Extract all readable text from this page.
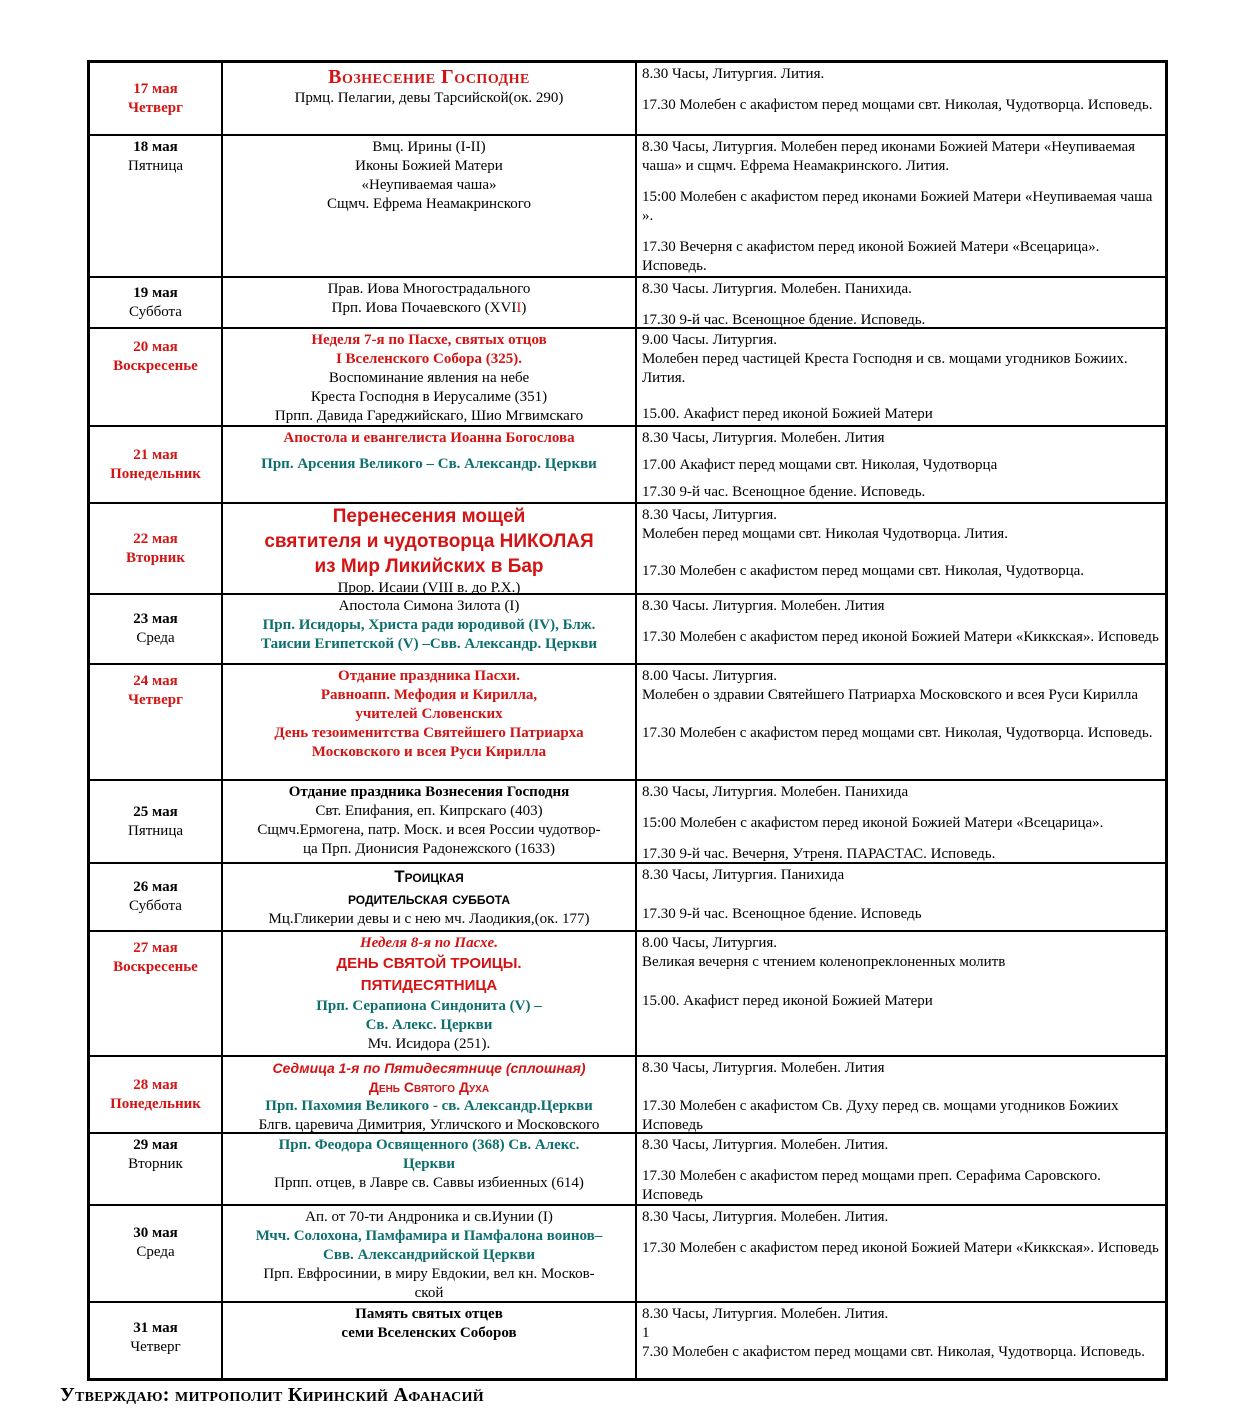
17 мая
Четверг
Вознесение Господне
Прмц. Пелагии, девы Тарсийской(ок. 290)

8.30 Часы, Литургия. Лития.

17.30 Молебен с акафистом перед мощами свт. Николая, Чудотворца. Исповедь.

18 мая
Пятница
Вмц. Ирины (I-II)
Иконы Божией Матери
«Неупиваемая чаша»
Сщмч. Ефрема Неамакринского

8.30 Часы, Литургия. Молебен перед иконами Божией Матери «Неупиваемая чаша» и сщмч. Ефрема Неамакринского. Лития.

15:00 Молебен с акафистом перед иконами Божией Матери «Неупиваемая чаша ».

17.30 Вечерня с акафистом перед иконой Божией Матери «Всецарица». Исповедь.

19 мая
Суббота
Прав. Иова Многострадального
Прп. Иова Почаевского (XVII)

8.30 Часы. Литургия. Молебен. Панихида.

17.30 9-й час. Всенощное бдение. Исповедь.

20 мая
Воскресенье
Неделя 7-я по Пасхе, святых отцов
I Вселенского Собора (325).
Воспоминание явления на небе
Креста Господня в Иерусалиме (351)
Прпп. Давида Гареджийскаго, Шио Мгвимскаго

9.00 Часы. Литургия.

Молебен перед частицей Креста Господня и св. мощами угодников Божиих. Лития.

15.00. Акафист перед иконой Божией Матери

21 мая
Понедельник
Апостола и евангелиста Иоанна Богослова
Прп. Арсения Великого – Св. Александр. Церкви

8.30 Часы, Литургия. Молебен. Лития

17.00 Акафист перед мощами свт. Николая, Чудотворца

17.30 9-й час. Всенощное бдение. Исповедь.

22 мая
Вторник
Перенесения мощей
святителя и чудотворца НИКОЛАЯ
из Мир Ликийских в Бар
Прор. Исаии (VIII в. до Р.Х.)

8.30 Часы, Литургия.

Молебен перед мощами свт. Николая Чудотворца. Лития.

17.30 Молебен с акафистом перед мощами свт. Николая, Чудотворца.

23 мая
Среда
Апостола Симона Зилота (I)
Прп. Исидоры, Христа ради юродивой (IV), Блж.
Таисии Египетской (V) –Свв. Александр. Церкви

8.30 Часы. Литургия. Молебен. Лития

17.30 Молебен с акафистом перед иконой Божией Матери «Киккская». Исповедь

24 мая
Четверг
Отдание праздника Пасхи.
Равноапп. Мефодия и Кирилла,
учителей Словенских
День тезоименитства Святейшего Патриарха
Московского и всея Руси Кирилла

8.00 Часы. Литургия.

Молебен о здравии Святейшего Патриарха Московского и всея Руси Кирилла

17.30 Молебен с акафистом перед мощами свт. Николая, Чудотворца. Исповедь.

25 мая
Пятница
Отдание праздника Вознесения Господня
Свт. Епифания, еп. Кипрскаго (403)
Сщмч.Ермогена, патр. Моск. и всея России чудотвор-
ца Прп. Дионисия Радонежского (1633)

8.30 Часы, Литургия. Молебен. Панихида

15:00 Молебен с акафистом перед иконой Божией Матери «Всецарица».

17.30 9-й час. Вечерня, Утреня. ПАРАСТАС. Исповедь.

26 мая
Суббота
Троицкая
родительская суббота
Мц.Гликерии девы и с нею мч. Лаодикия,(ок. 177)

8.30 Часы, Литургия. Панихида

17.30 9-й час. Всенощное бдение. Исповедь

27 мая
Воскресенье
Неделя 8-я по Пасхе.
ДЕНЬ СВЯТОЙ ТРОИЦЫ.
ПЯТИДЕСЯТНИЦА
Прп. Серапиона Синдонита (V) –
Св. Алекс. Церкви
Мч. Исидора (251).

8.00 Часы, Литургия.

Великая вечерня с чтением коленопреклоненных молитв

15.00. Акафист перед иконой Божией Матери

28 мая
Понедельник
Седмица 1-я по Пятидесятнице (сплошная)
День Святого Духа
Прп. Пахомия Великого - св. Александр.Церкви
Блгв. царевича Димитрия, Угличского и Московского

8.30 Часы, Литургия. Молебен. Лития

17.30 Молебен с акафистом Св. Духу перед св. мощами угодников Божиих Исповедь

29 мая
Вторник
Прп. Феодора Освященного (368) Св. Алекс.
Церкви
Прпп. отцев, в Лавре св. Саввы избиенных (614)

8.30 Часы, Литургия. Молебен. Лития.

17.30 Молебен с акафистом перед мощами преп. Серафима Саровского. Исповедь

30 мая
Среда
Ап. от 70-ти Андроника и св.Иунии (I)
Мчч. Солохона, Памфамира и Памфалона воинов–
Свв. Александрийской Церкви
Прп. Евфросинии, в миру Евдокии, вел кн. Москов-
ской

8.30 Часы, Литургия. Молебен. Лития.

17.30 Молебен с акафистом перед иконой Божией Матери «Киккская». Исповедь

31 мая
Четверг
Память святых отцев
семи Вселенских Соборов

8.30 Часы, Литургия. Молебен. Лития.

1

7.30 Молебен с акафистом перед мощами свт. Николая, Чудотворца. Исповедь.

Утверждаю: митрополит Киринский Афанасий
